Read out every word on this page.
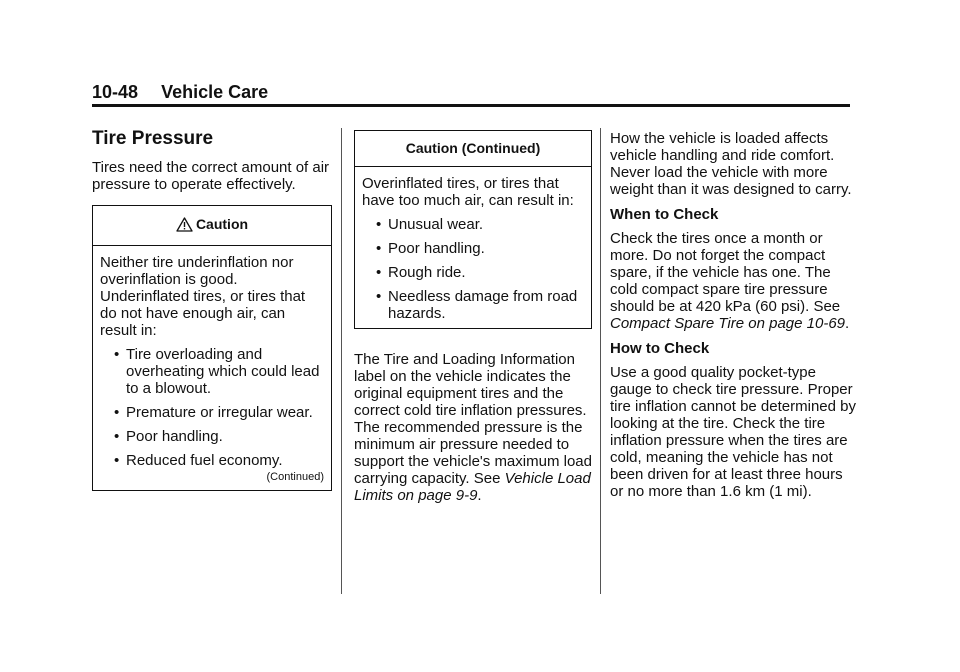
10-48 Vehicle Care
Tire Pressure

Tires need the correct amount of air pressure to operate effectively.

Caution

Neither tire underinflation nor overinflation is good. Underinflated tires, or tires that do not have enough air, can result in:

• Tire overloading and overheating which could lead to a blowout.
• Premature or irregular wear.
• Poor handling.
• Reduced fuel economy.
(Continued)
Caution (Continued)

Overinflated tires, or tires that have too much air, can result in:

• Unusual wear.
• Poor handling.
• Rough ride.
• Needless damage from road hazards.

The Tire and Loading Information label on the vehicle indicates the original equipment tires and the correct cold tire inflation pressures. The recommended pressure is the minimum air pressure needed to support the vehicle's maximum load carrying capacity. See Vehicle Load Limits on page 9-9.

How the vehicle is loaded affects vehicle handling and ride comfort. Never load the vehicle with more weight than it was designed to carry.

When to Check

Check the tires once a month or more. Do not forget the compact spare, if the vehicle has one. The cold compact spare tire pressure should be at 420 kPa (60 psi). See Compact Spare Tire on page 10-69.

How to Check

Use a good quality pocket-type gauge to check tire pressure. Proper tire inflation cannot be determined by looking at the tire. Check the tire inflation pressure when the tires are cold, meaning the vehicle has not been driven for at least three hours or no more than 1.6 km (1 mi).
